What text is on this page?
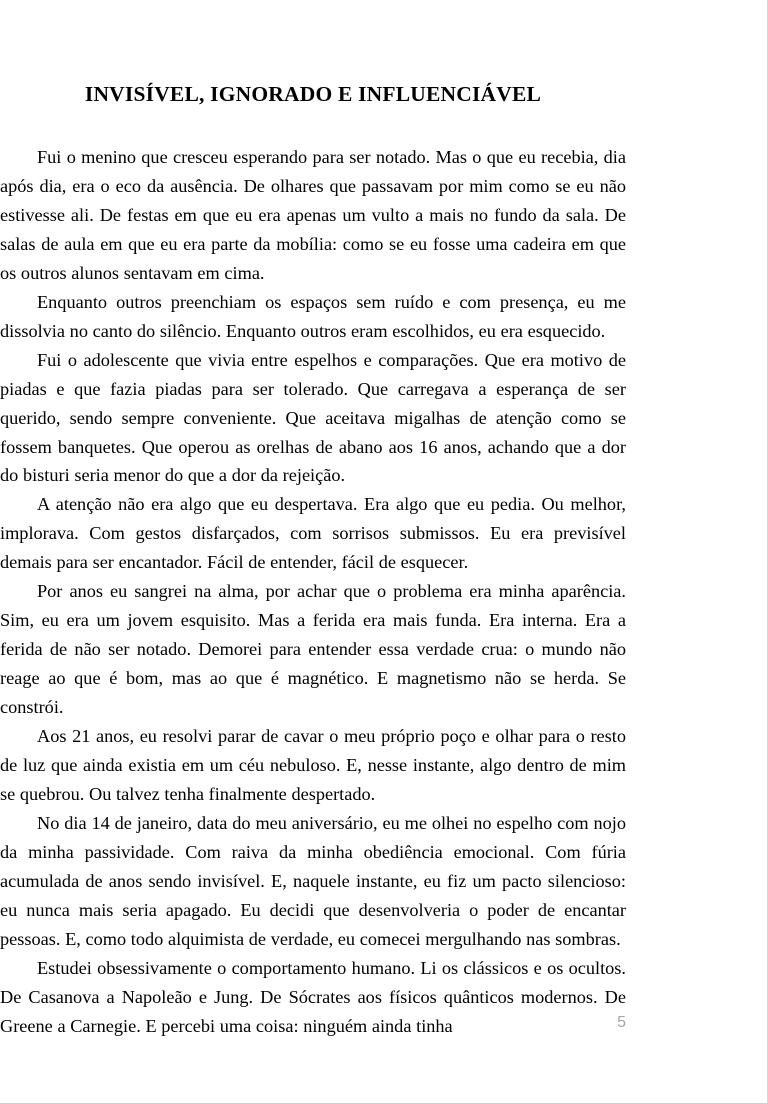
INVISÍVEL, IGNORADO E INFLUENCIÁVEL

Fui o menino que cresceu esperando para ser notado. Mas o que eu recebia, dia após dia, era o eco da ausência. De olhares que passavam por mim como se eu não estivesse ali. De festas em que eu era apenas um vulto a mais no fundo da sala. De salas de aula em que eu era parte da mobília: como se eu fosse uma cadeira em que os outros alunos sentavam em cima.

Enquanto outros preenchiam os espaços sem ruído e com presença, eu me dissolvia no canto do silêncio. Enquanto outros eram escolhidos, eu era esquecido.

Fui o adolescente que vivia entre espelhos e comparações. Que era motivo de piadas e que fazia piadas para ser tolerado. Que carregava a esperança de ser querido, sendo sempre conveniente. Que aceitava migalhas de atenção como se fossem banquetes. Que operou as orelhas de abano aos 16 anos, achando que a dor do bisturi seria menor do que a dor da rejeição.

A atenção não era algo que eu despertava. Era algo que eu pedia. Ou melhor, implorava. Com gestos disfarçados, com sorrisos submissos. Eu era previsível demais para ser encantador. Fácil de entender, fácil de esquecer.

Por anos eu sangrei na alma, por achar que o problema era minha aparência. Sim, eu era um jovem esquisito. Mas a ferida era mais funda. Era interna. Era a ferida de não ser notado. Demorei para entender essa verdade crua: o mundo não reage ao que é bom, mas ao que é magnético. E magnetismo não se herda. Se constrói.

Aos 21 anos, eu resolvi parar de cavar o meu próprio poço e olhar para o resto de luz que ainda existia em um céu nebuloso. E, nesse instante, algo dentro de mim se quebrou. Ou talvez tenha finalmente despertado.

No dia 14 de janeiro, data do meu aniversário, eu me olhei no espelho com nojo da minha passividade. Com raiva da minha obediência emocional. Com fúria acumulada de anos sendo invisível. E, naquele instante, eu fiz um pacto silencioso: eu nunca mais seria apagado. Eu decidi que desenvolveria o poder de encantar pessoas. E, como todo alquimista de verdade, eu comecei mergulhando nas sombras.

Estudei obsessivamente o comportamento humano. Li os clássicos e os ocultos. De Casanova a Napoleão e Jung. De Sócrates aos físicos quânticos modernos. De Greene a Carnegie. E percebi uma coisa: ninguém ainda tinha	5
